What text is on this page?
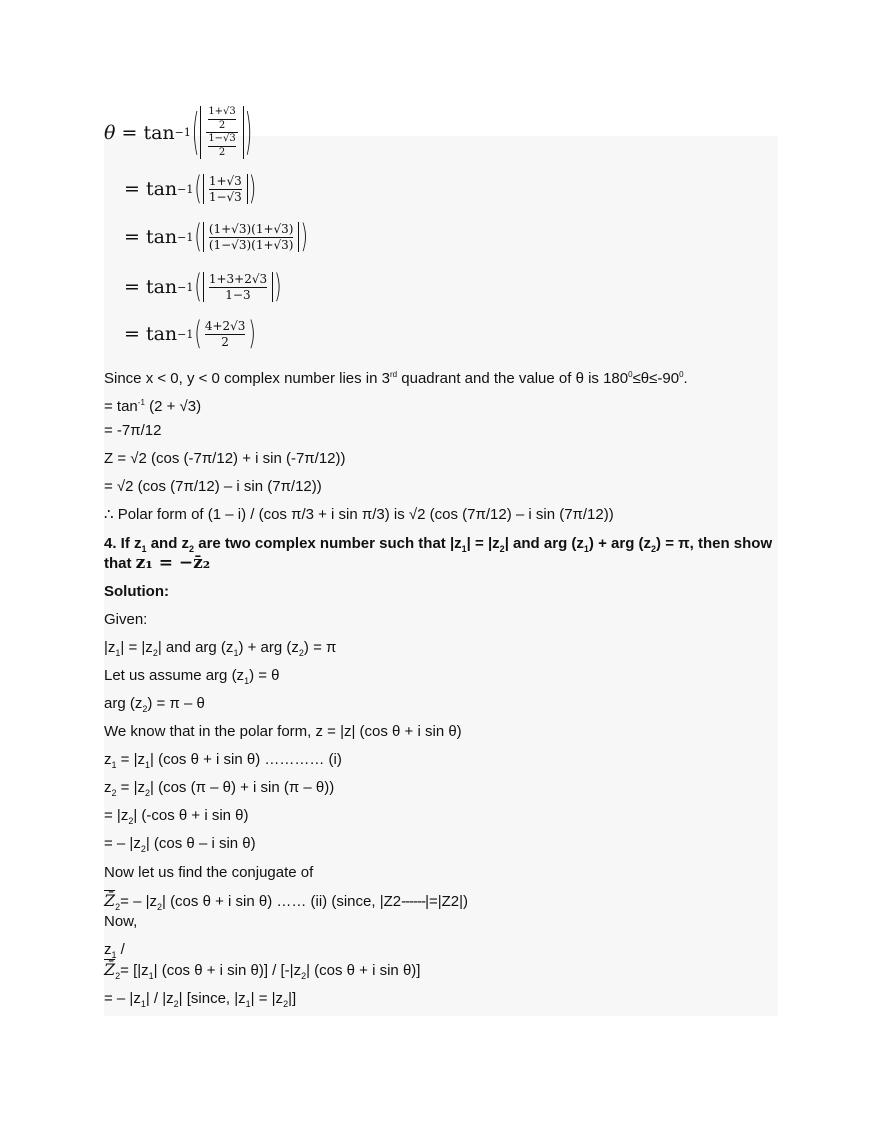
θ
=
tan −1 ( $\frac{\frac{1+√3}{2}}{\frac{1-√3}{2}}$ )
=
tan −1 ( $\frac{1+√3}{1-√3}$ )
=
tan −1 ( $\frac{(1+√3)(1+√3)}{(1-√3)(1+√3)}$ )
=
tan −1 ( $\frac{1+3+2√3}{1-3}$ )
=
tan −1 ( $\frac{4+2√3}{2}$ )
Since x < 0, y < 0 complex number lies in 3rd quadrant and the value of θ is $180^0\le\theta\le-90^0$.
= $\tan^{-1} (2 + √3)$
= -7π/12
Z = √2 (cos (-7π/12) + i sin (-7π/12))
= √2 (cos (7π/12) – i sin (7π/12))
∴ Polar form of (1 – i) / (cos π/3 + i sin π/3) is √2 (cos (7π/12) – i sin (7π/12))
4. If $z_1$ and $z_2$ are two complex number such that $|z_1| = |z_2|$ and arg $(z_1)$ + arg $(z_2) = \pi$, then show
that z₁ = −z̄₂
Solution:
Given:
$|z_1| = |z_2|$ and arg $(z_1)$ + arg $(z_2) = \pi$
Let us assume arg $(z_1) = \theta$
arg $(z_2) = \pi - \theta$
We know that in the polar form, z = |z| (cos θ + i sin θ)
$z_1 = |z_1|$ (cos θ + i sin θ) ………… (i)
$z_2 = |z_2|$ (cos (π – θ) + i sin (π – θ))
= $|z_2|$ (-cos θ + i sin θ)
= – $|z_2|$ (cos θ – i sin θ)
Now let us find the conjugate of
$Z̄_2= - |z_2|$ (cos θ + i sin θ) …… (ii) (since, |Z2------|=|Z2|)
Now,
$z_1$ /
$Z̄_2= [|z_1|$ (cos θ + i $\sin \theta)] / [-|z_2|$ (cos θ + i sin θ)]
= – $|z_1| / |z_2|$ [since, $|z_1| = |z_2|$]
